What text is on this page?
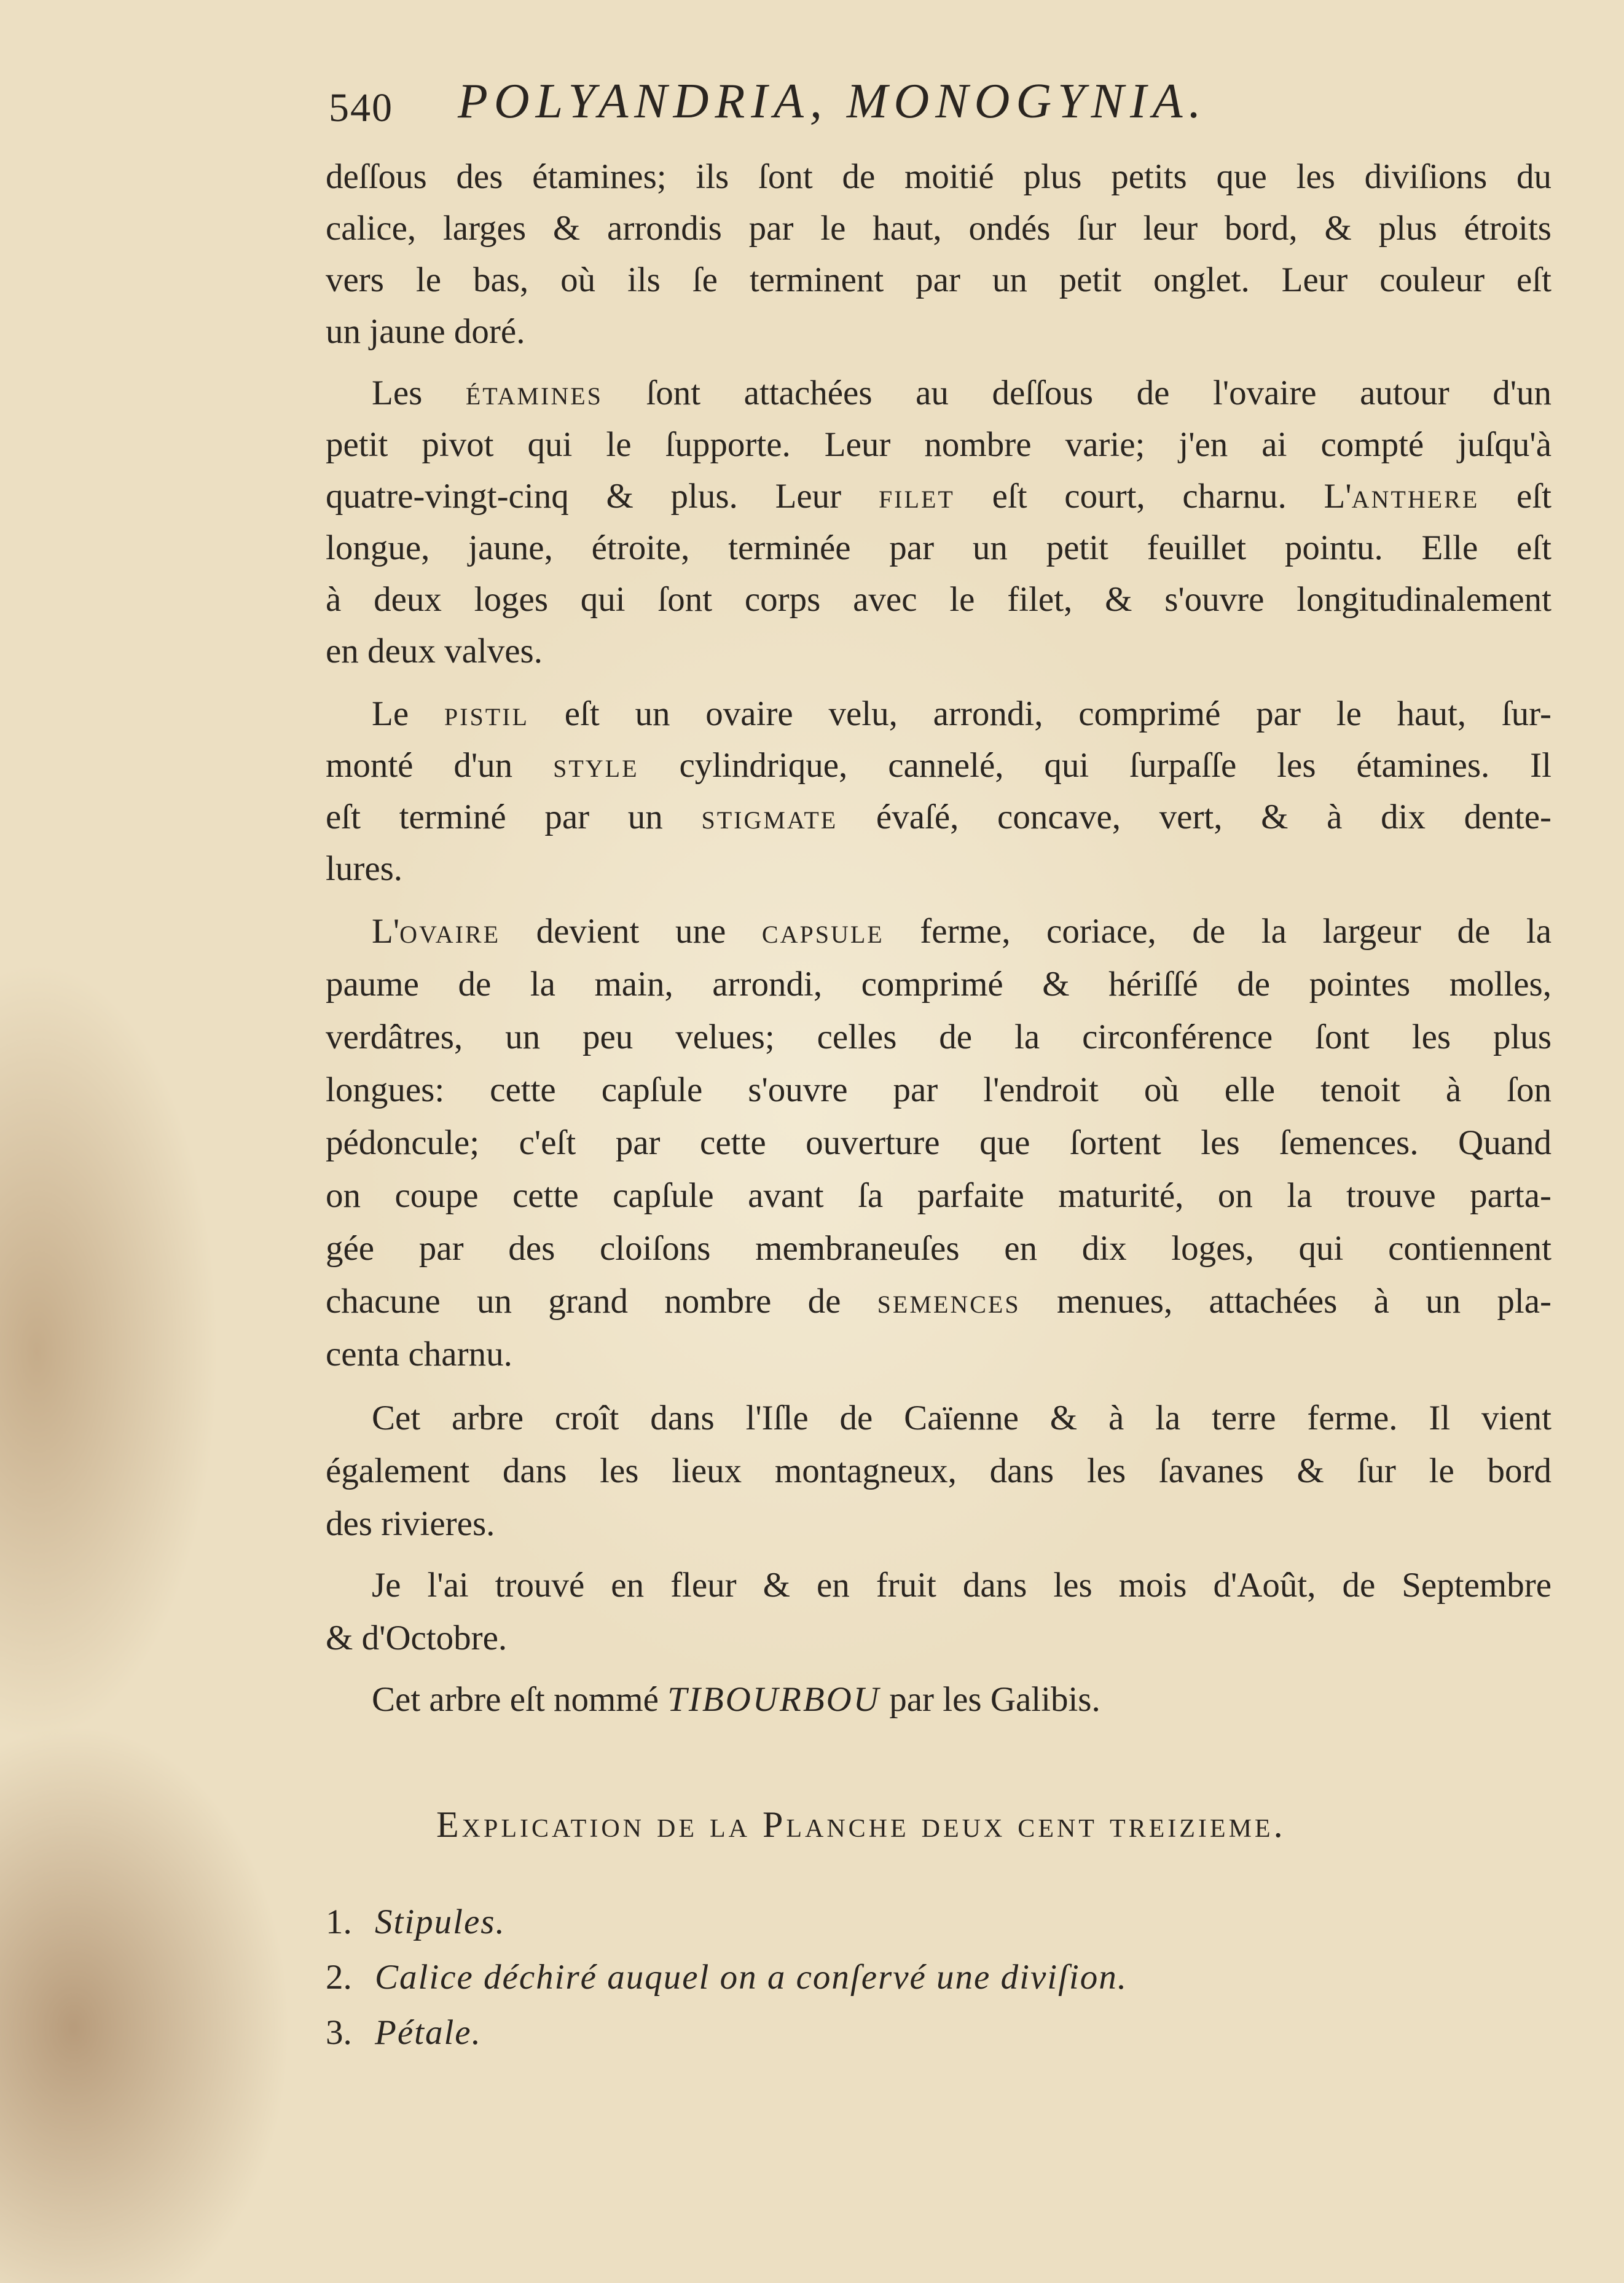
540 POLYANDRIA, MONOGYNIA.
deſſous des étamines; ils ſont de moitié plus petits que les diviſions du
calice, larges & arrondis par le haut, ondés ſur leur bord, & plus étroits
vers le bas, où ils ſe terminent par un petit onglet. Leur couleur eſt
un jaune doré.
Les étamines ſont attachées au deſſous de l'ovaire autour d'un
petit pivot qui le ſupporte. Leur nombre varie; j'en ai compté juſqu'à
quatre-vingt-cinq & plus. Leur filet eſt court, charnu. L'anthere eſt
longue, jaune, étroite, terminée par un petit feuillet pointu. Elle eſt
à deux loges qui ſont corps avec le filet, & s'ouvre longitudinalement
en deux valves.
Le pistil eſt un ovaire velu, arrondi, comprimé par le haut, ſur-
monté d'un style cylindrique, cannelé, qui ſurpaſſe les étamines. Il
eſt terminé par un stigmate évaſé, concave, vert, & à dix dente-
lures.
L'ovaire devient une capsule ferme, coriace, de la largeur de la
paume de la main, arrondi, comprimé & hériſſé de pointes molles,
verdâtres, un peu velues; celles de la circonférence ſont les plus
longues: cette capſule s'ouvre par l'endroit où elle tenoit à ſon
pédoncule; c'eſt par cette ouverture que ſortent les ſemences. Quand
on coupe cette capſule avant ſa parfaite maturité, on la trouve parta-
gée par des cloiſons membraneuſes en dix loges, qui contiennent
chacune un grand nombre de semences menues, attachées à un pla-
centa charnu.
Cet arbre croît dans l'Iſle de Caïenne & à la terre ferme. Il vient
également dans les lieux montagneux, dans les ſavanes & ſur le bord
des rivieres.
Je l'ai trouvé en fleur & en fruit dans les mois d'Août, de Septembre
& d'Octobre.
Cet arbre eſt nommé TIBOURBOU par les Galibis.
Explication de la Planche deux cent treizieme.
1. Stipules.
2. Calice déchiré auquel on a conſervé une diviſion.
3. Pétale.
